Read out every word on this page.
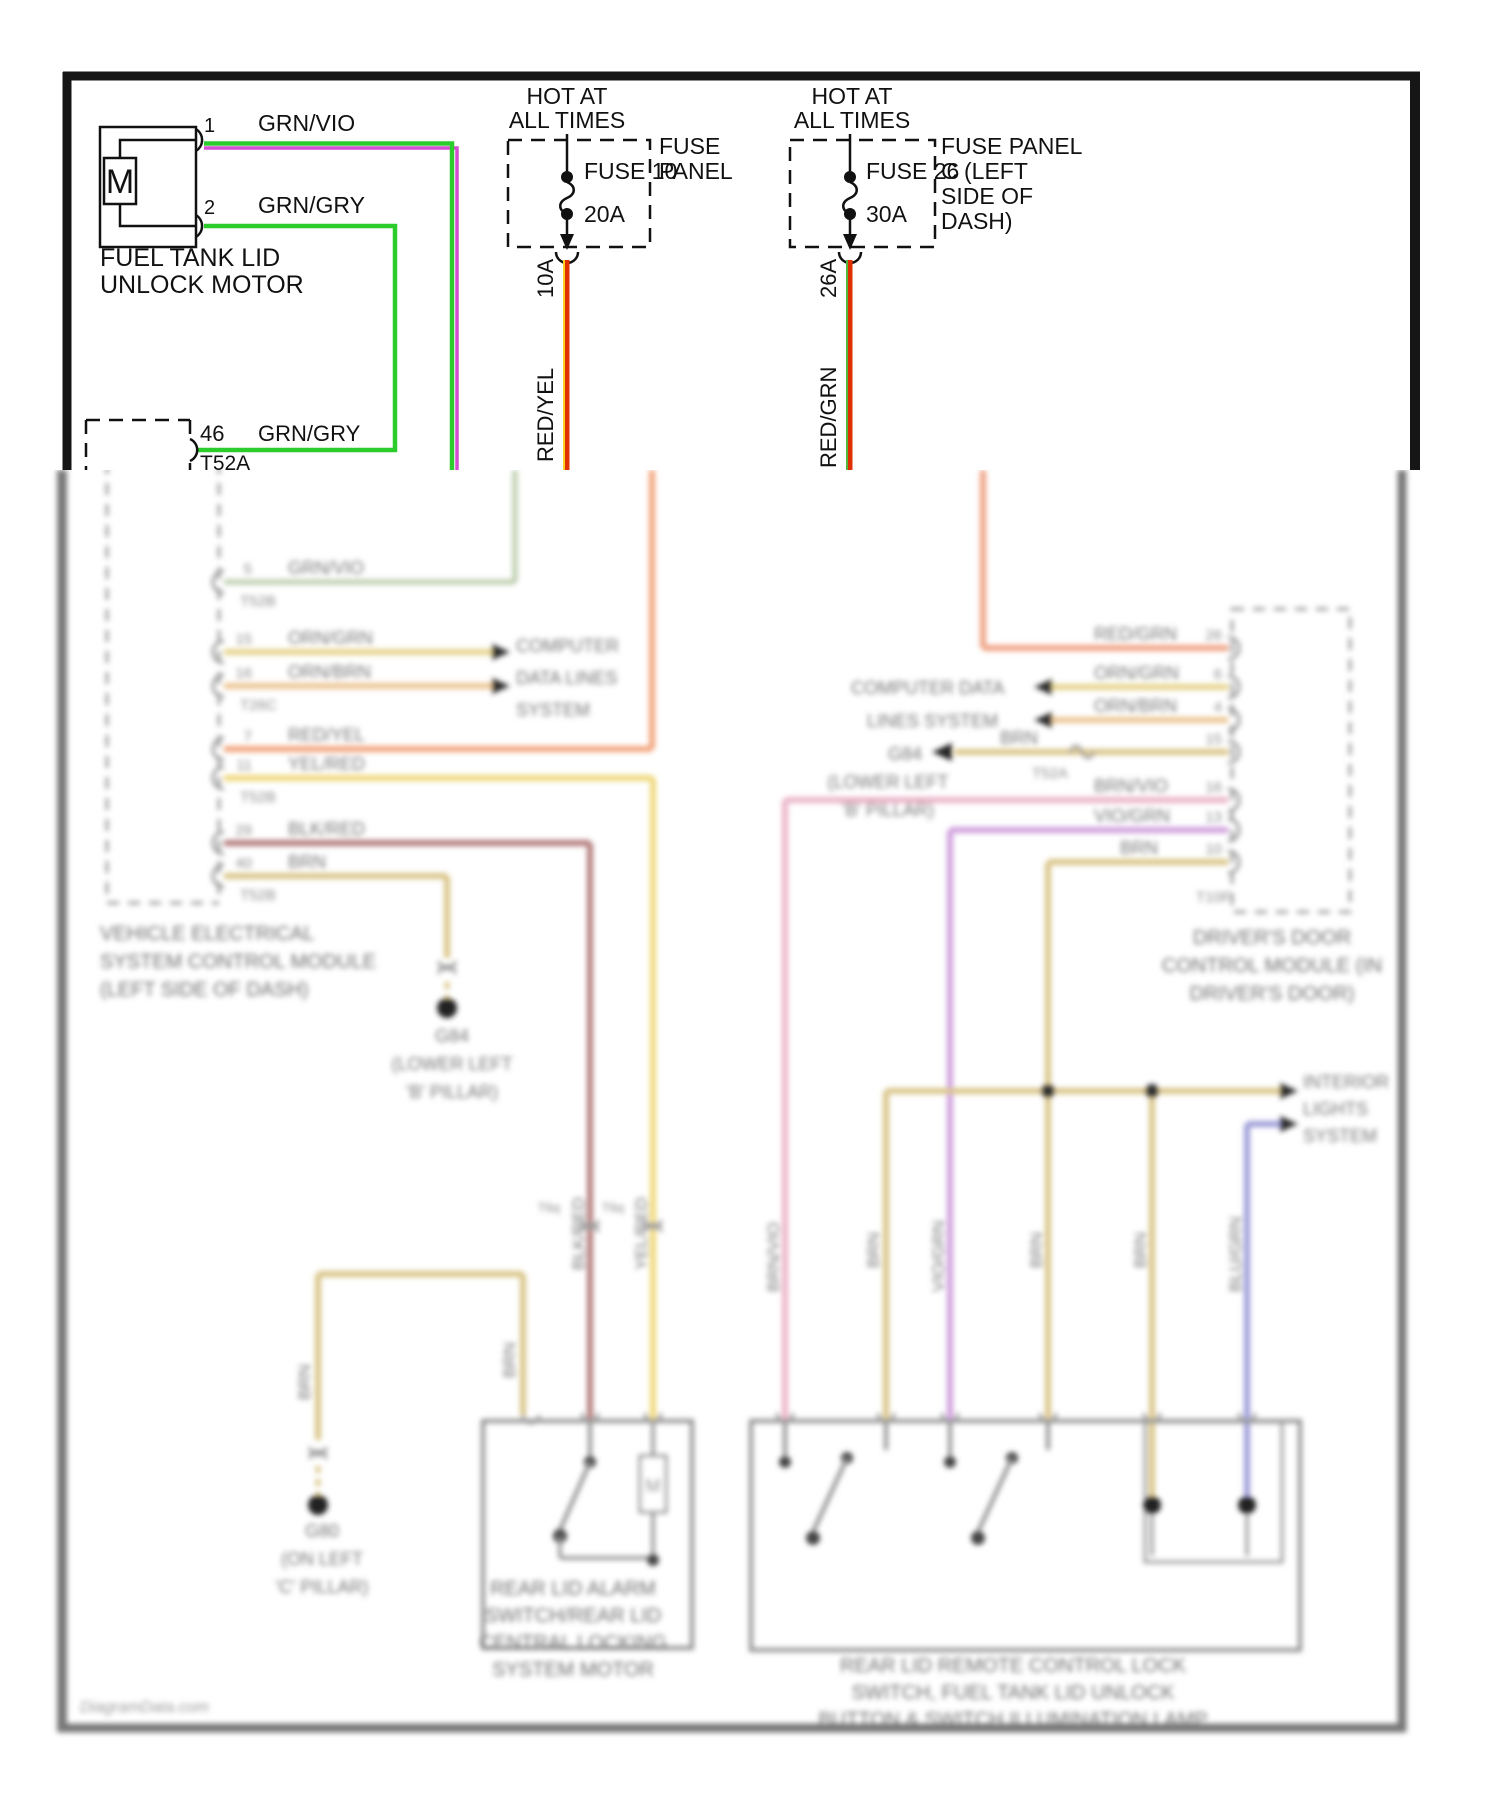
M
5 GRN/VIO
T52B
15 ORN/GRN
16 ORN/BRN
T26C
7 RED/YEL
11 YEL/RED
T52B
29 BLK/RED
40 BRN
T52B
COMPUTER
DATA LINES
SYSTEM
G84
(LOWER LEFT
'B' PILLAR)
VEHICLE ELECTRICAL
SYSTEM CONTROL MODULE
(LEFT SIDE OF DASH)
G80
(ON LEFT
'C' PILLAR)	REAR LID ALARM
SWITCH/REAR LID
CENTRAL LOCKING
SYSTEM MOTOR
T6q	T6q
BLK/RED	YEL/RED
BRN
BRN
BRN/VIO	BRN	VIO/GRN	BRN	BRN	BLU/GRN
RED/GRN 26
ORN/GRN 6
ORN/BRN 4
BRN	15
T52A
BRN/VIO 16
VIO/GRN 13
BRN	10
T10F
COMPUTER DATA
LINES SYSTEM
G84
(LOWER LEFT
'B' PILLAR)
DRIVER'S DOOR
CONTROL MODULE (IN
DRIVER'S DOOR)
INTERIOR
LIGHTS
SYSTEM
REAR LID REMOTE CONTROL LOCK
SWITCH, FUEL TANK LID UNLOCK
BUTTON & SWITCH ILLUMINATION LAMP
DiagramData.com
M
1
2
FUEL TANK LID
UNLOCK MOTOR
GRN/VIO
GRN/GRY
46 GRN/GRY
T52A
HOT AT
ALL TIMES
FUSE 10
20A
FUSE
PANEL
10A
RED/YEL
HOT AT
ALL TIMES
FUSE 26
30A
FUSE PANEL
C (LEFT
SIDE OF
DASH)
26A
RED/GRN
